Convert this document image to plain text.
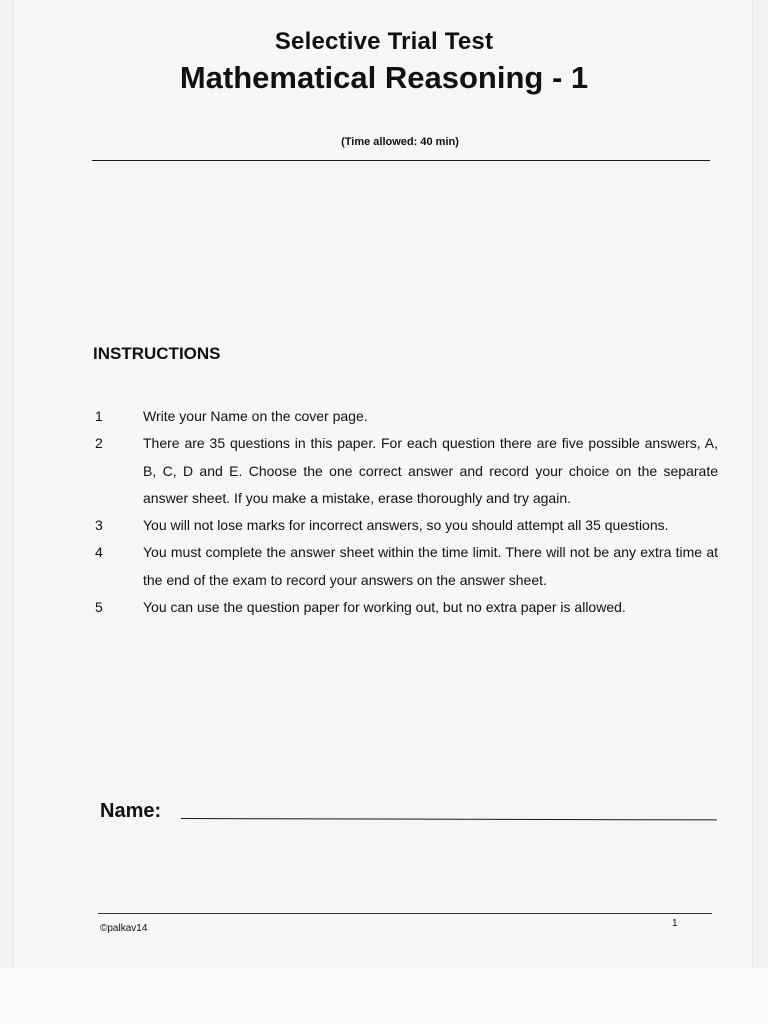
Selective Trial Test
Mathematical Reasoning - 1
(Time allowed: 40 min)
INSTRUCTIONS
1	Write your Name on the cover page.
2	There are 35 questions in this paper. For each question there are five possible answers, A, B, C, D and E. Choose the one correct answer and record your choice on the separate answer sheet. If you make a mistake, erase thoroughly and try again.
3	You will not lose marks for incorrect answers, so you should attempt all 35 questions.
4	You must complete the answer sheet within the time limit. There will not be any extra time at the end of the exam to record your answers on the answer sheet.
5	You can use the question paper for working out, but no extra paper is allowed.
Name:
©palkav14	1
